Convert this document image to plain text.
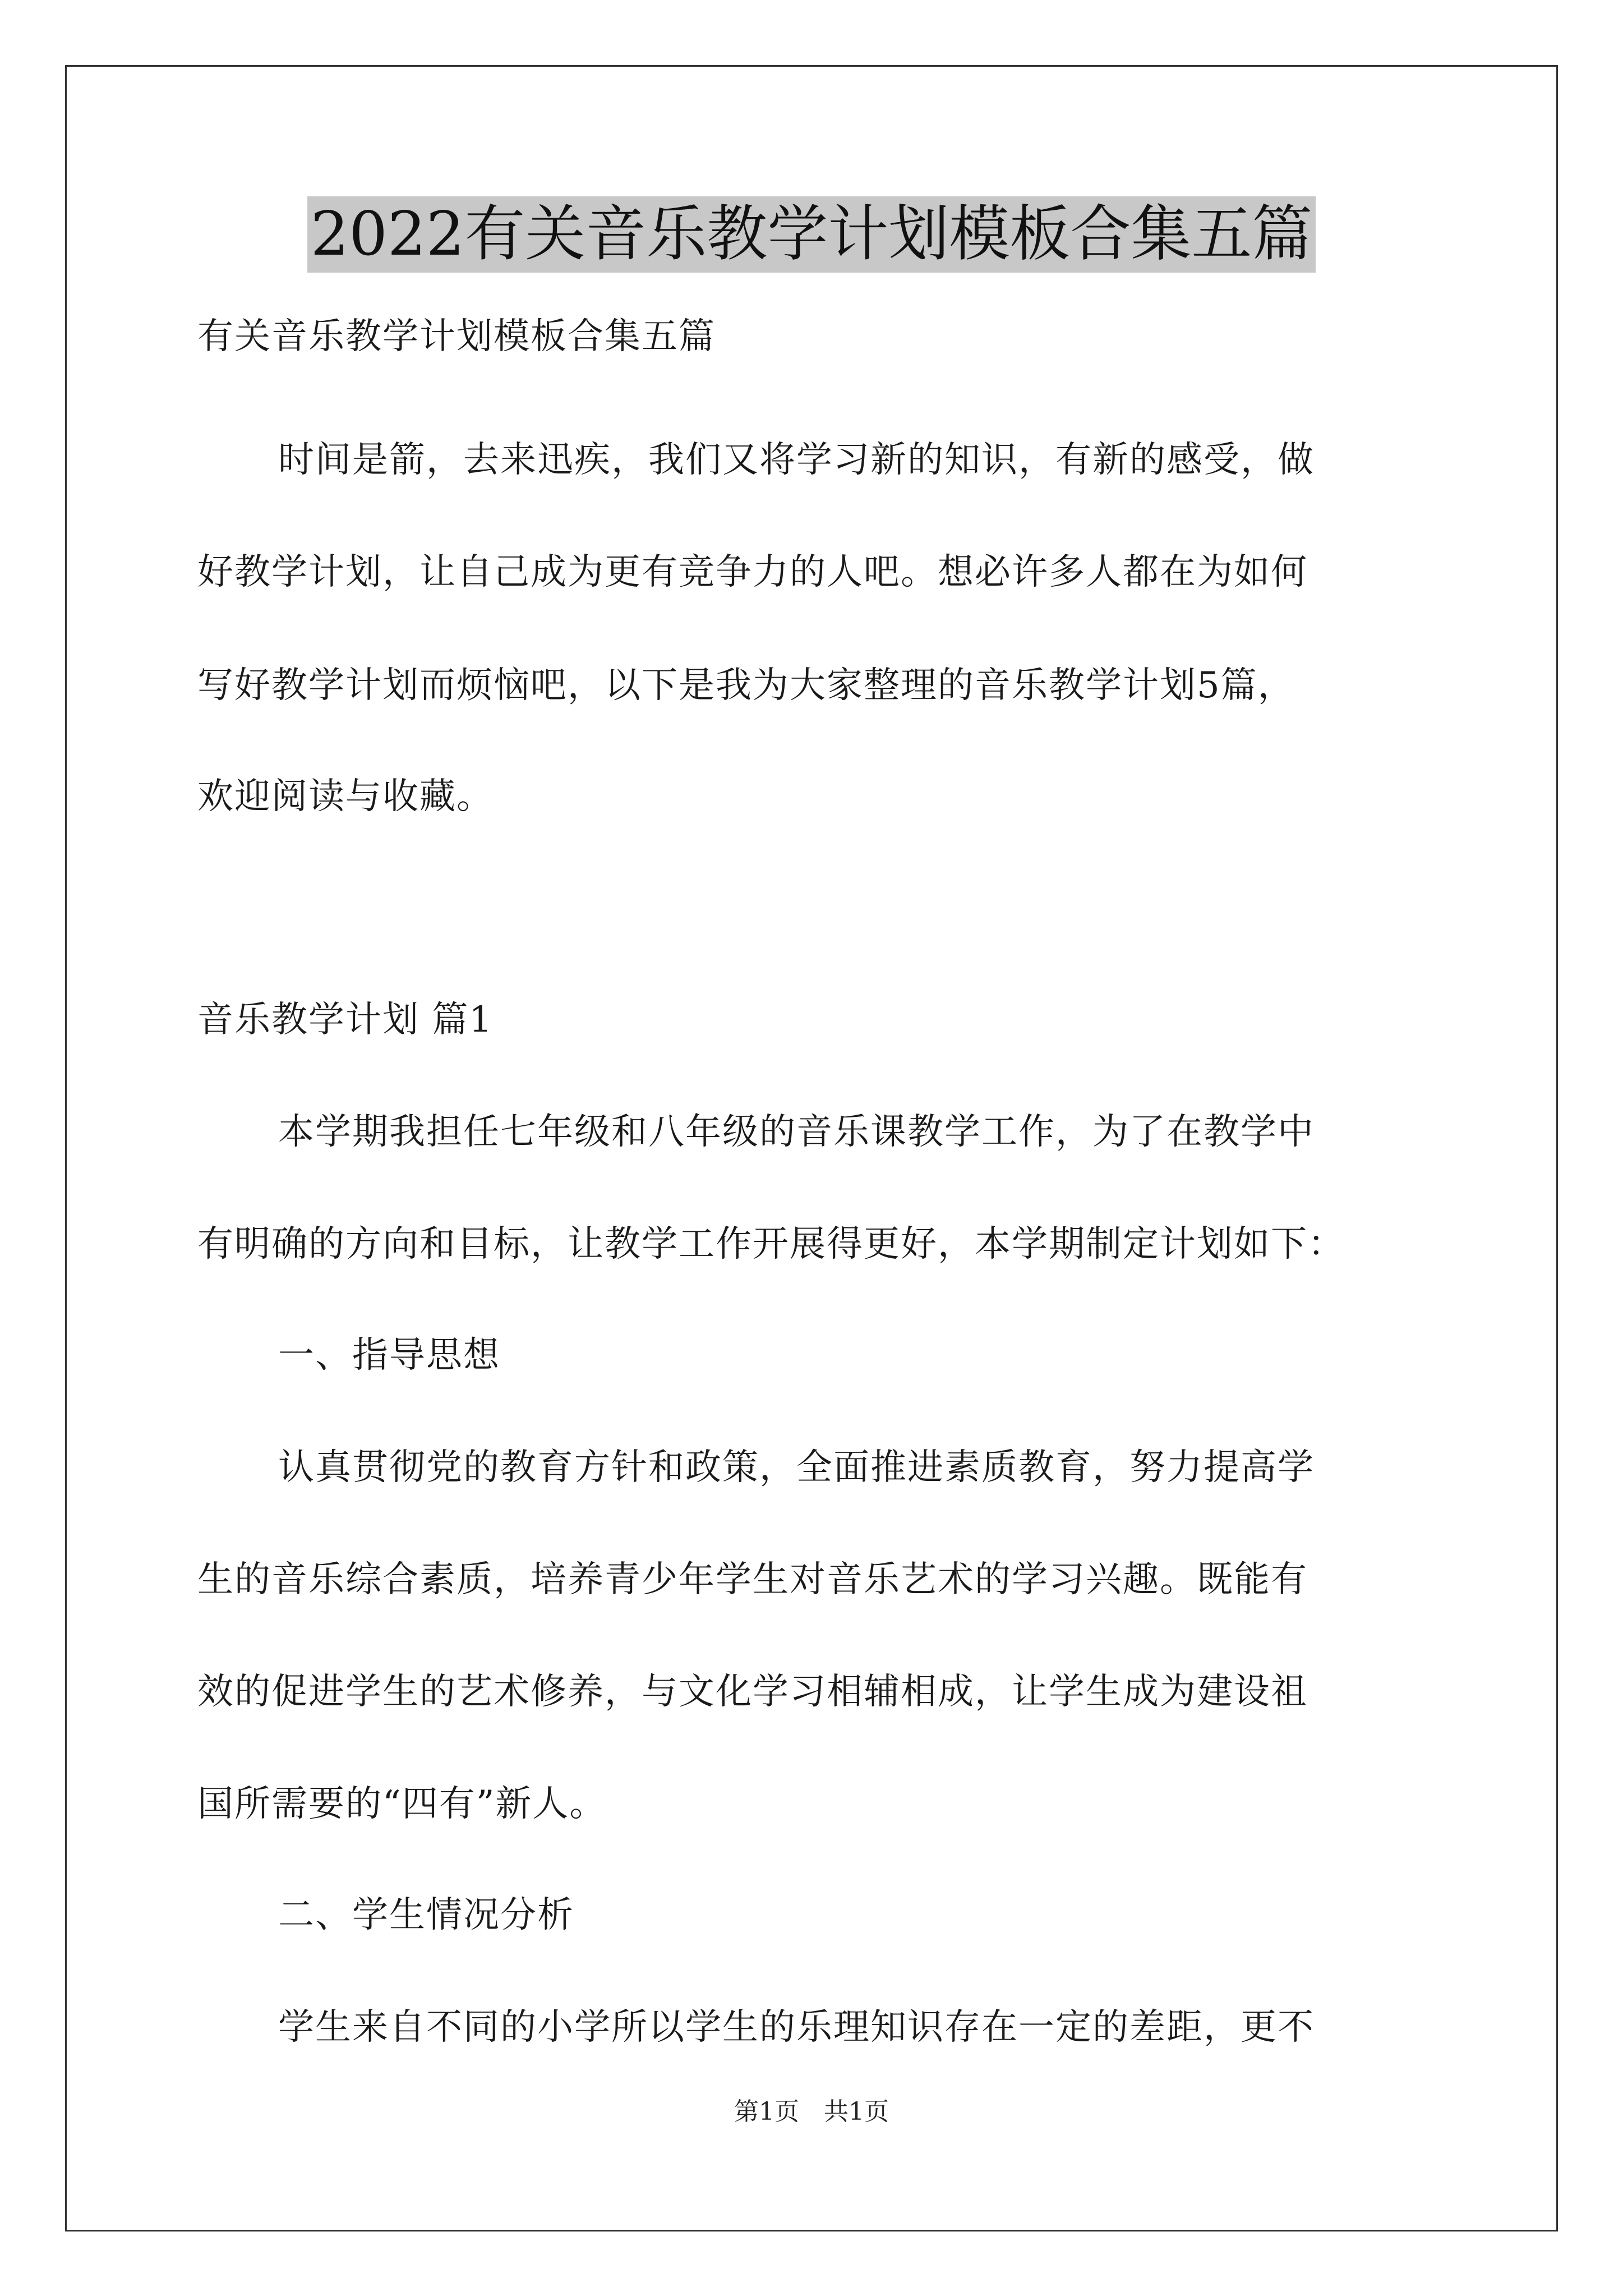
2022有关音乐教学计划模板合集五篇
有关音乐教学计划模板合集五篇
时间是箭，去来迅疾，我们又将学习新的知识，有新的感受，做
好教学计划，让自己成为更有竞争力的人吧。想必许多人都在为如何
写好教学计划而烦恼吧，以下是我为大家整理的音乐教学计划5篇，
欢迎阅读与收藏。
音乐教学计划 篇1
本学期我担任七年级和八年级的音乐课教学工作，为了在教学中
有明确的方向和目标，让教学工作开展得更好，本学期制定计划如下：
一、指导思想
认真贯彻党的教育方针和政策，全面推进素质教育，努力提高学
生的音乐综合素质，培养青少年学生对音乐艺术的学习兴趣。既能有
效的促进学生的艺术修养，与文化学习相辅相成，让学生成为建设祖
国所需要的“四有”新人。
二、学生情况分析
学生来自不同的小学所以学生的乐理知识存在一定的差距，更不
第1页　共1页
